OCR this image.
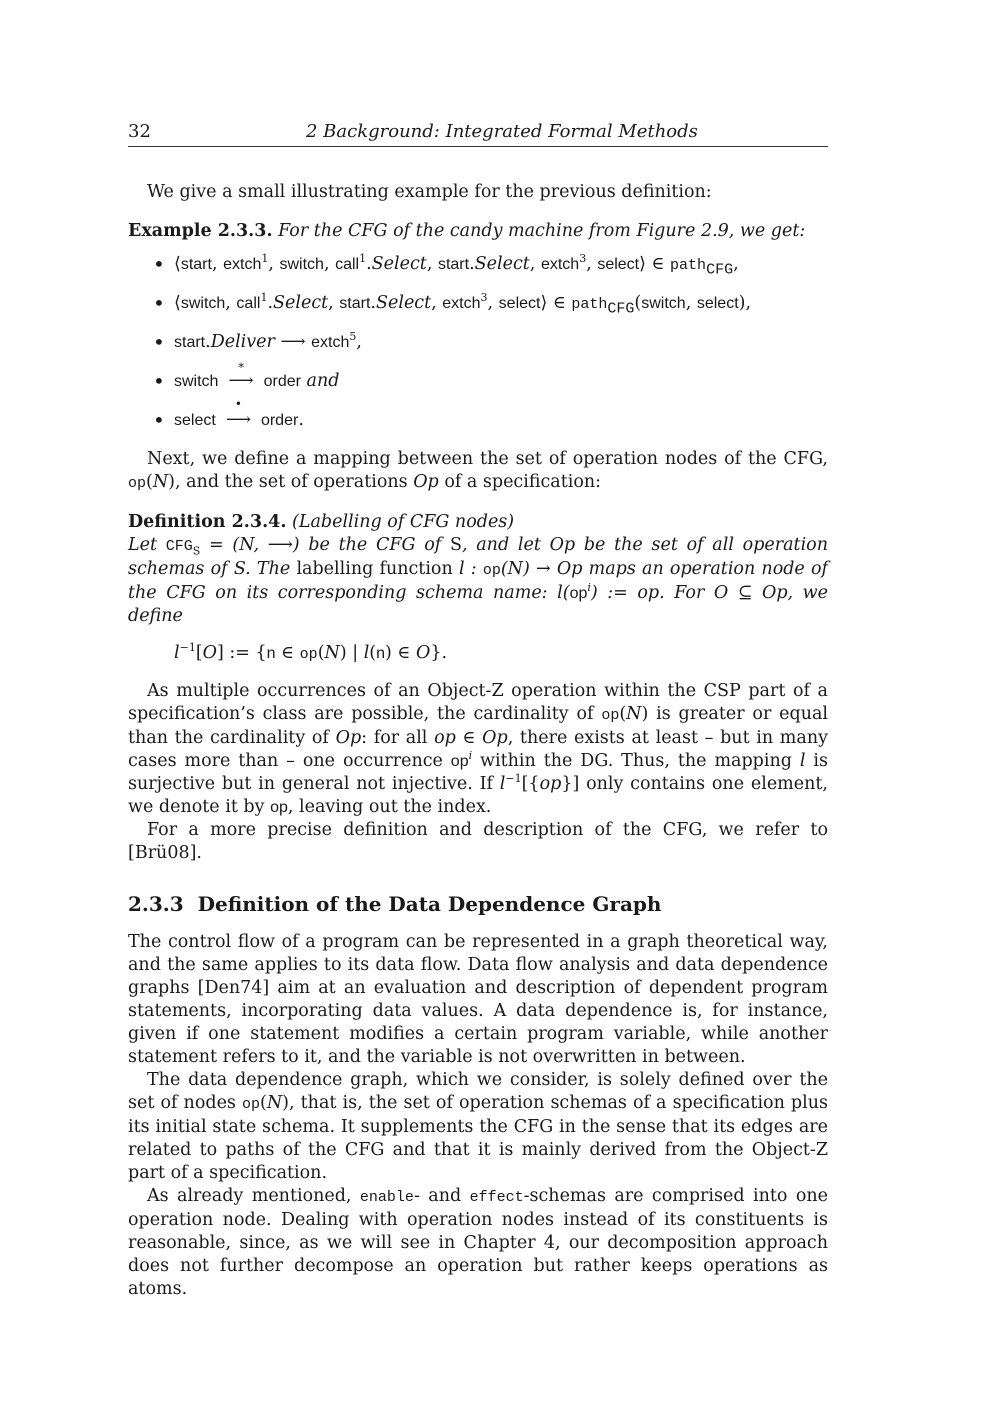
32	2 Background: Integrated Formal Methods

We give a small illustrating example for the previous definition:

Example 2.3.3. For the CFG of the candy machine from Figure 2.9, we get:

• ⟨start, extch$^1$, switch, call$^1$.Select, start.Select, extch$^3$, select⟩ ∈ path$_{CFG}$,
• ⟨switch, call$^1$.Select, start.Select, extch$^3$, select⟩ ∈ path$_{CFG}$(switch, select),
• start.Deliver ⟶ extch$^5$,
• switch
∗
⟶ order and
• select
•
⟶ order.

Next, we define a mapping between the set of operation nodes of the CFG, op(N), and the set of operations Op of a specification:

Definition 2.3.4. (Labelling of CFG nodes)

Let $CFG_S = (N$, ⟶) be the CFG of S, and let Op be the set of all operation schemas of S. The labelling function l : op(N) → Op maps an operation node of the CFG on its corresponding schema name: $l(op^i)$ := op. For O ⊆ Op, we define

$l^{-1}[O]$ := {n ∈ op(N) | l(n) ∈ O}.

As multiple occurrences of an Object-Z operation within the CSP part of a specification’s class are possible, the cardinality of op(N) is greater or equal than the cardinality of Op: for all op ∈ Op, there exists at least – but in many cases more than – one occurrence $op^i$ within the DG. Thus, the mapping l is surjective but in general not injective. If $l^{-1}[\{op\}]$ only contains one element, we denote it by op, leaving out the index.

For a more precise definition and description of the CFG, we refer to [Brü08].

2.3.3 Definition of the Data Dependence Graph

The control flow of a program can be represented in a graph theoretical way, and the same applies to its data flow. Data flow analysis and data dependence graphs [Den74] aim at an evaluation and description of dependent program statements, incorporating data values. A data dependence is, for instance, given if one statement modifies a certain program variable, while another statement refers to it, and the variable is not overwritten in between.

The data dependence graph, which we consider, is solely defined over the set of nodes op(N), that is, the set of operation schemas of a specification plus its initial state schema. It supplements the CFG in the sense that its edges are related to paths of the CFG and that it is mainly derived from the Object-Z part of a specification.

As already mentioned, enable- and effect-schemas are comprised into one operation node. Dealing with operation nodes instead of its constituents is reasonable, since, as we will see in Chapter 4, our decomposition approach does not further decompose an operation but rather keeps operations as atoms.
